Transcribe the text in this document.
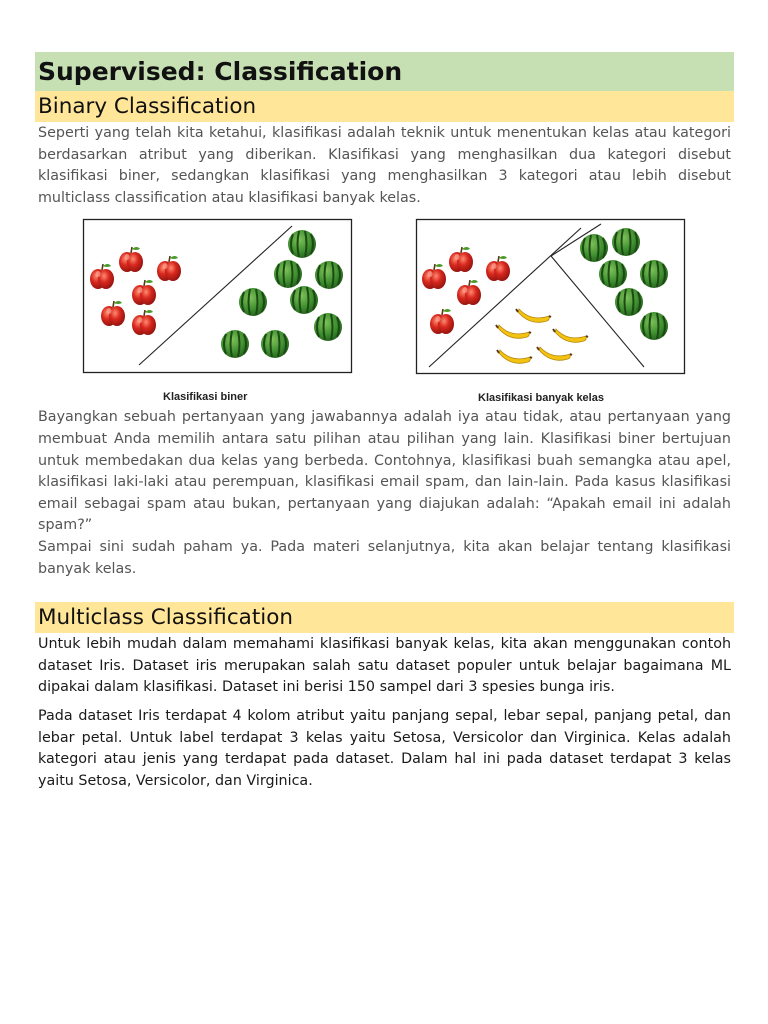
Supervised: Classification
Binary Classification

Seperti yang telah kita ketahui, klasifikasi adalah teknik untuk menentukan kelas atau kategori berdasarkan atribut yang diberikan. Klasifikasi yang menghasilkan dua kategori disebut klasifikasi biner, sedangkan klasifikasi yang menghasilkan 3 kategori atau lebih disebut multiclass classification atau klasifikasi banyak kelas.

Klasifikasi biner	Klasifikasi banyak kelas

Bayangkan sebuah pertanyaan yang jawabannya adalah iya atau tidak, atau pertanyaan yang membuat Anda memilih antara satu pilihan atau pilihan yang lain. Klasifikasi biner bertujuan untuk membedakan dua kelas yang berbeda. Contohnya, klasifikasi buah semangka atau apel, klasifikasi laki-laki atau perempuan, klasifikasi email spam, dan lain-lain. Pada kasus klasifikasi email sebagai spam atau bukan, pertanyaan yang diajukan adalah: “Apakah email ini adalah spam?”

Sampai sini sudah paham ya. Pada materi selanjutnya, kita akan belajar tentang klasifikasi banyak kelas.

Multiclass Classification

Untuk lebih mudah dalam memahami klasifikasi banyak kelas, kita akan menggunakan contoh dataset Iris. Dataset iris merupakan salah satu dataset populer untuk belajar bagaimana ML dipakai dalam klasifikasi. Dataset ini berisi 150 sampel dari 3 spesies bunga iris.

Pada dataset Iris terdapat 4 kolom atribut yaitu panjang sepal, lebar sepal, panjang petal, dan lebar petal. Untuk label terdapat 3 kelas yaitu Setosa, Versicolor dan Virginica. Kelas adalah kategori atau jenis yang terdapat pada dataset. Dalam hal ini pada dataset terdapat 3 kelas yaitu Setosa, Versicolor, dan Virginica.
